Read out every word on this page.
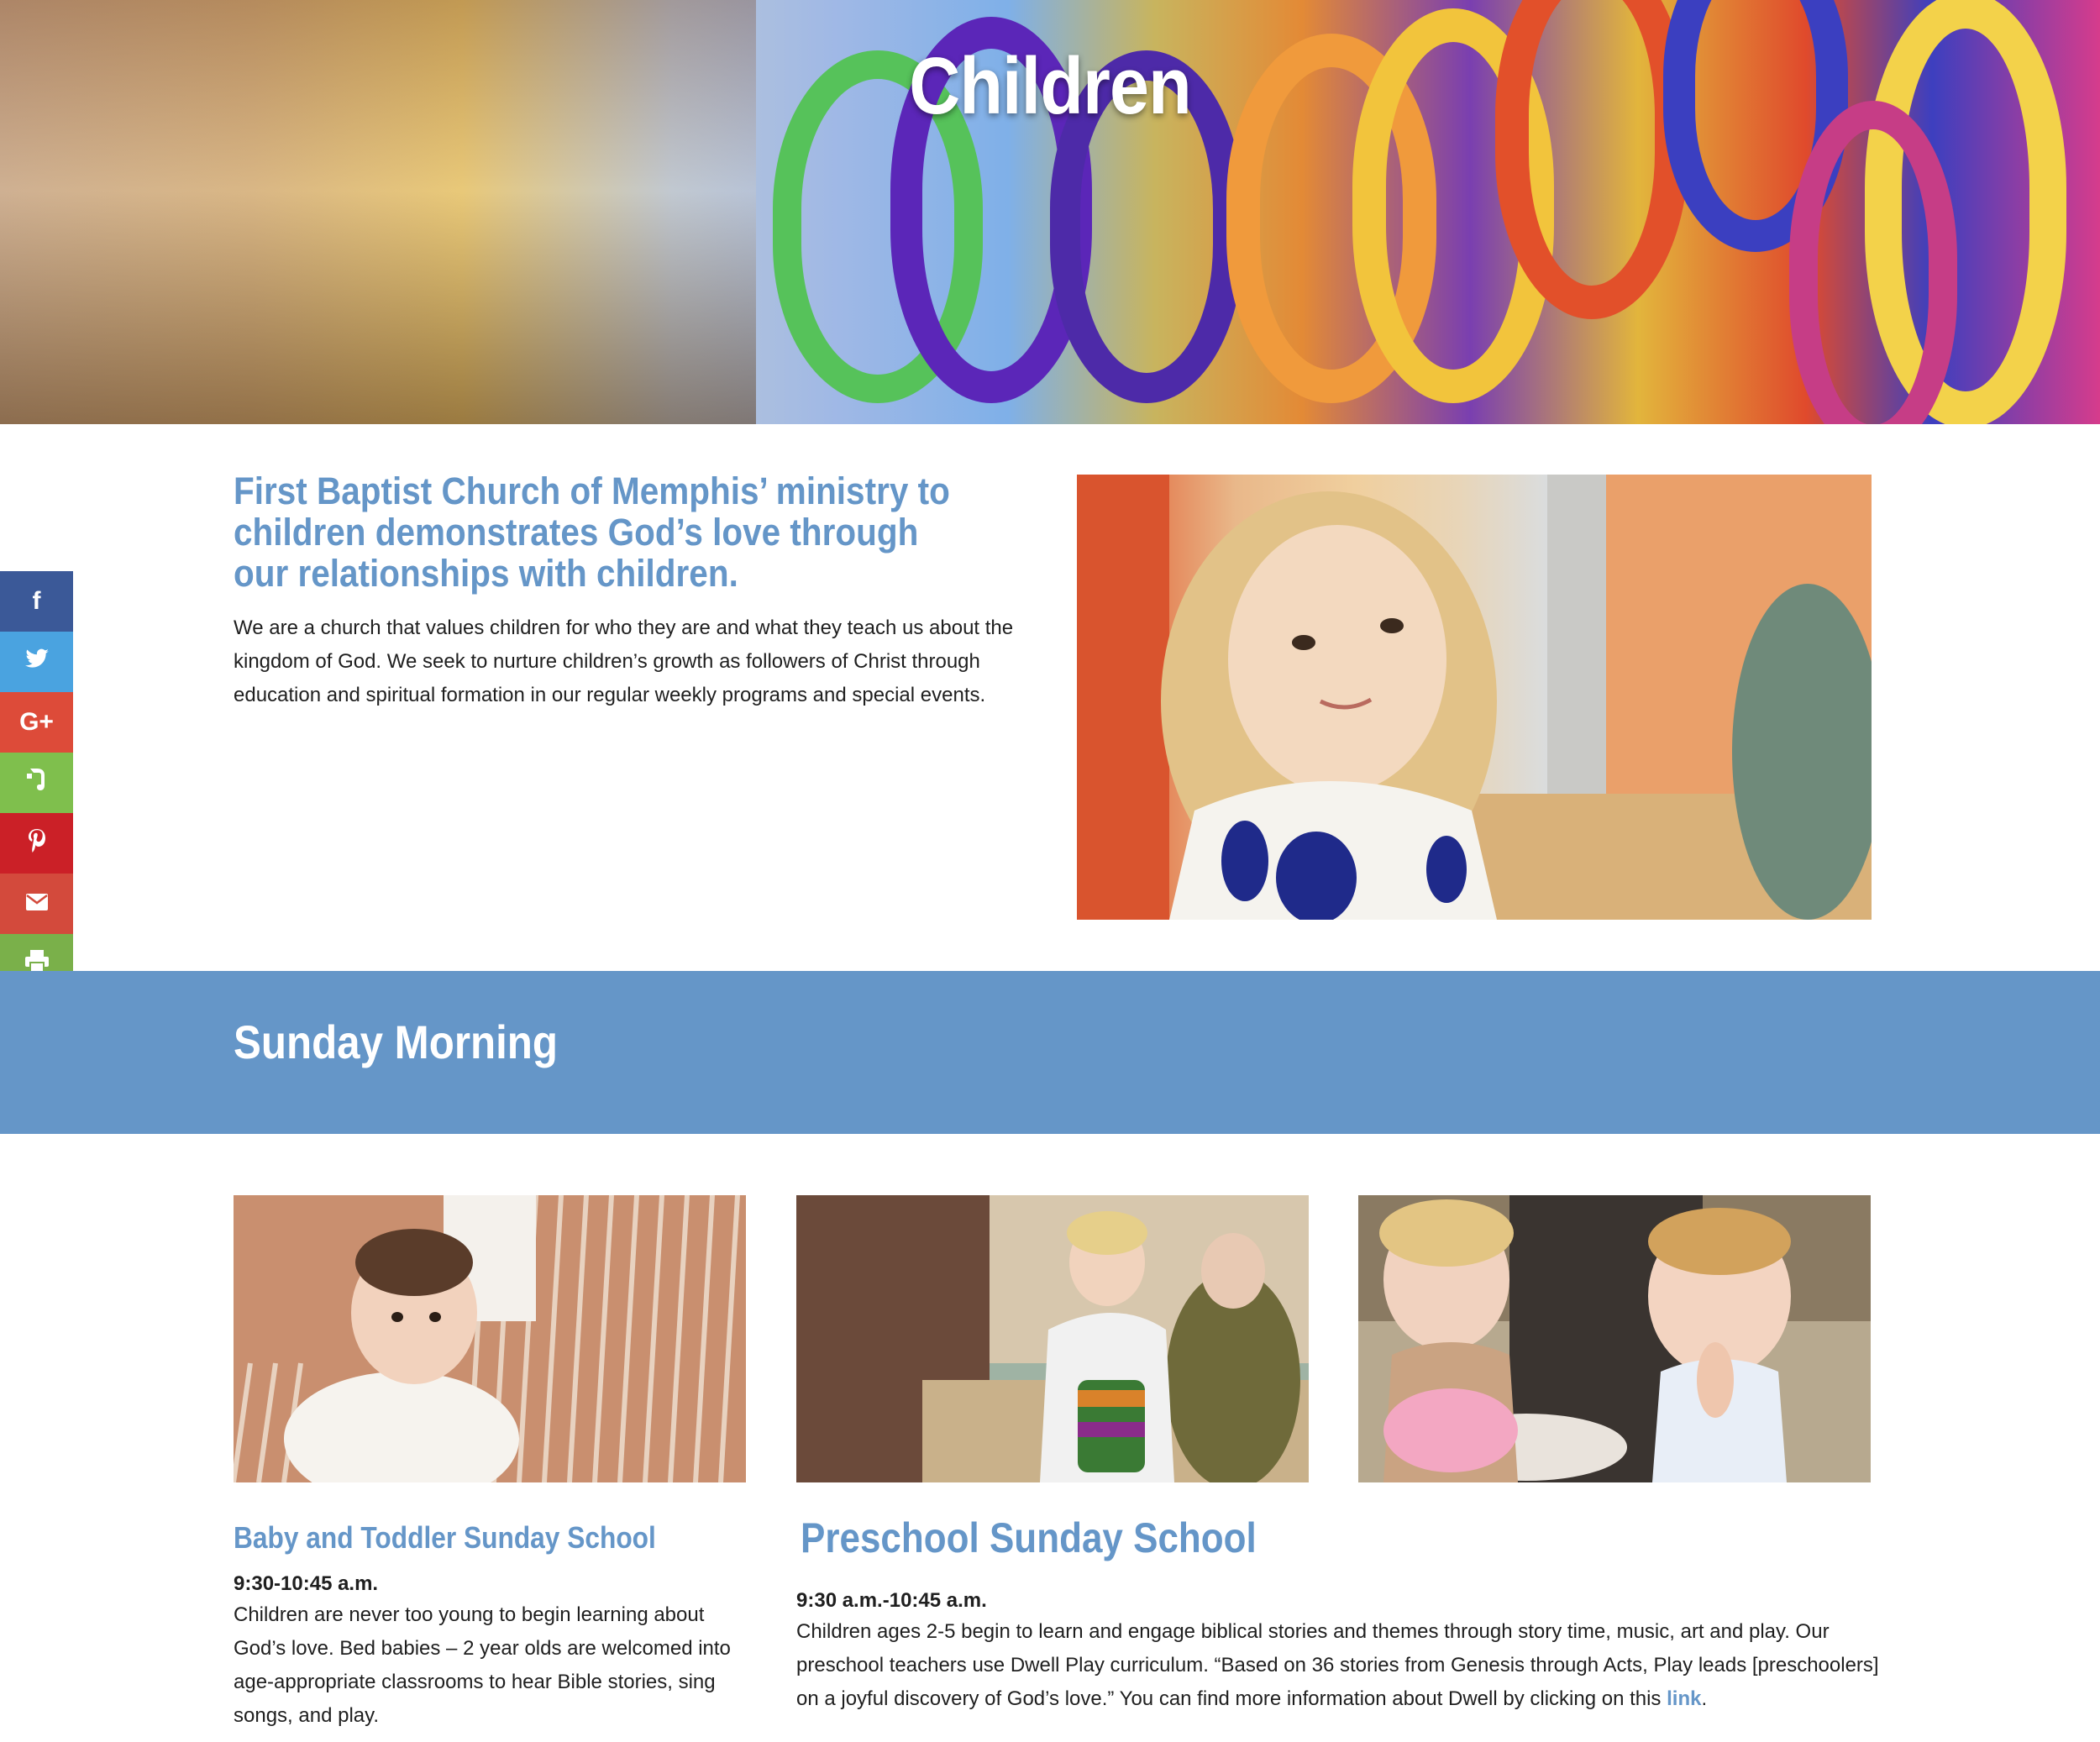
Children
f
G+
First Baptist Church of Memphis’ ministry to children demonstrates God’s love through our relationships with children.
We are a church that values children for who they are and what they teach us about the kingdom of God. We seek to nurture children’s growth as followers of Christ through education and spiritual formation in our regular weekly programs and special events.
Sunday Morning
Baby and Toddler Sunday School
9:30-10:45 a.m.
Children are never too young to begin learning about God’s love. Bed babies – 2 year olds are welcomed into age-appropriate classrooms to hear Bible stories, sing songs, and play.
Preschool Sunday School
9:30 a.m.-10:45 a.m.
Children ages 2-5 begin to learn and engage biblical stories and themes through story time, music, art and play. Our preschool teachers use Dwell Play curriculum. “Based on 36 stories from Genesis through Acts, Play leads [preschoolers] on a joyful discovery of God’s love.” You can find more information about Dwell by clicking on this link.
